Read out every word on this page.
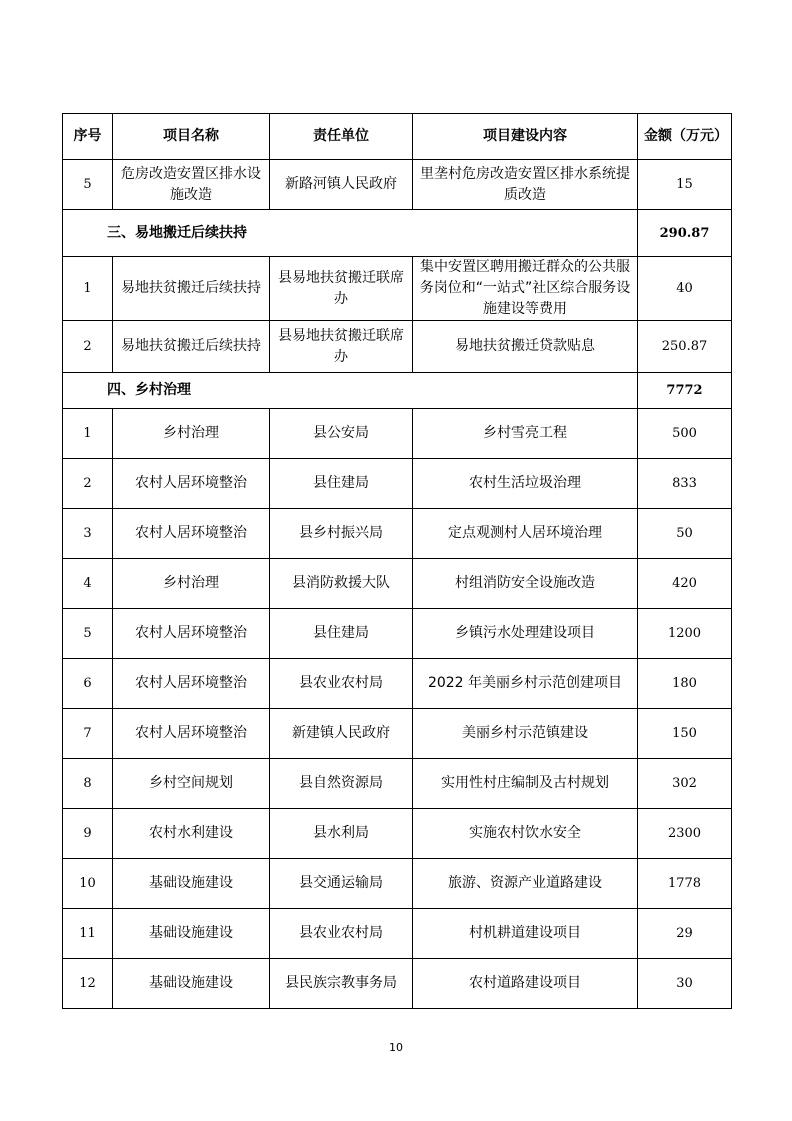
序号	项目名称	责任单位	项目建设内容	金额（万元）
5	危房改造安置区排水设施改造	新路河镇人民政府	里垄村危房改造安置区排水系统提质改造	15
三、易地搬迁后续扶持				290.87
1	易地扶贫搬迁后续扶持	县易地扶贫搬迁联席办	集中安置区聘用搬迁群众的公共服务岗位和“一站式”社区综合服务设施建设等费用	40
2	易地扶贫搬迁后续扶持	县易地扶贫搬迁联席办	易地扶贫搬迁贷款贴息	250.87
四、乡村治理				7772
1	乡村治理	县公安局	乡村雪亮工程	500
2	农村人居环境整治	县住建局	农村生活垃圾治理	833
3	农村人居环境整治	县乡村振兴局	定点观测村人居环境治理	50
4	乡村治理	县消防救援大队	村组消防安全设施改造	420
5	农村人居环境整治	县住建局	乡镇污水处理建设项目	1200
6	农村人居环境整治	县农业农村局	2022 年美丽乡村示范创建项目	180
7	农村人居环境整治	新建镇人民政府	美丽乡村示范镇建设	150
8	乡村空间规划	县自然资源局	实用性村庄编制及古村规划	302
9	农村水利建设	县水利局	实施农村饮水安全	2300
10	基础设施建设	县交通运输局	旅游、资源产业道路建设	1778
11	基础设施建设	县农业农村局	村机耕道建设项目	29
12	基础设施建设	县民族宗教事务局	农村道路建设项目	30
10
